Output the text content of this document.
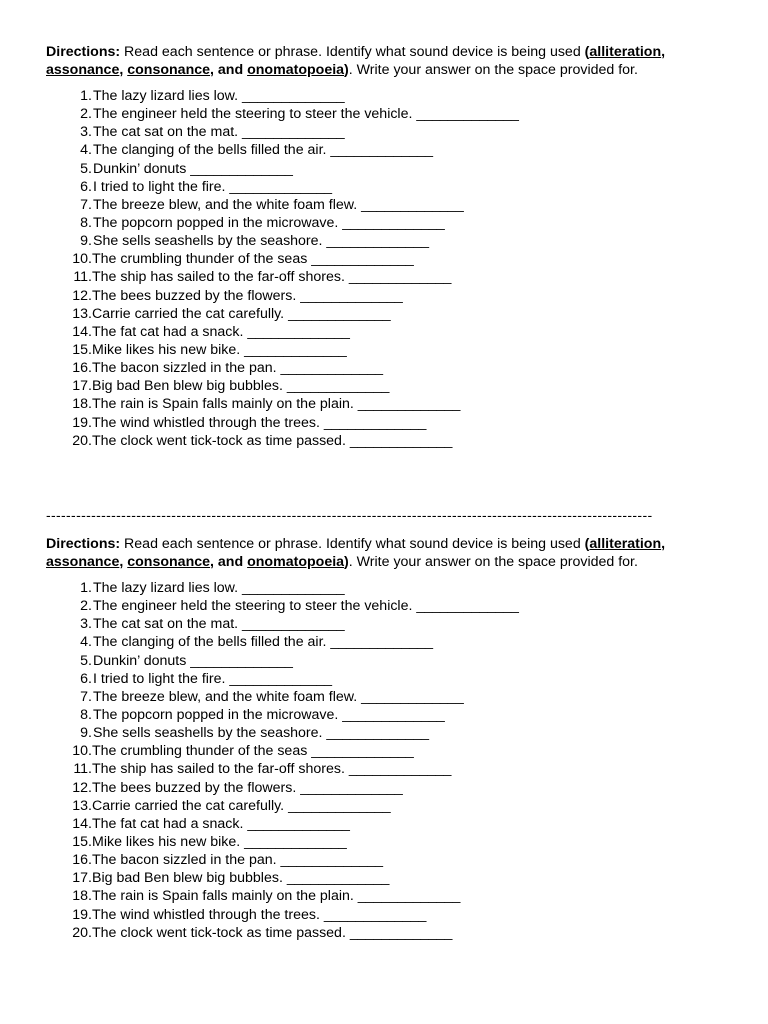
Directions: Read each sentence or phrase. Identify what sound device is being used (alliteration, assonance, consonance, and onomatopoeia). Write your answer on the space provided for.

1. The lazy lizard lies low. _____________
2. The engineer held the steering to steer the vehicle. _____________
3. The cat sat on the mat. _____________
4. The clanging of the bells filled the air. _____________
5. Dunkin’ donuts _____________
6. I tried to light the fire. _____________
7. The breeze blew, and the white foam flew. _____________
8. The popcorn popped in the microwave. _____________
9. She sells seashells by the seashore. _____________
10. The crumbling thunder of the seas _____________
11. The ship has sailed to the far-off shores. _____________
12. The bees buzzed by the flowers. _____________
13. Carrie carried the cat carefully. _____________
14. The fat cat had a snack. _____________
15. Mike likes his new bike. _____________
16. The bacon sizzled in the pan. _____________
17. Big bad Ben blew big bubbles. _____________
18. The rain is Spain falls mainly on the plain. _____________
19. The wind whistled through the trees. _____________
20. The clock went tick-tock as time passed. _____________
-------------------------------------------------------------------------------------------------------------------------

Directions: Read each sentence or phrase. Identify what sound device is being used (alliteration, assonance, consonance, and onomatopoeia). Write your answer on the space provided for.

1. The lazy lizard lies low. _____________
2. The engineer held the steering to steer the vehicle. _____________
3. The cat sat on the mat. _____________
4. The clanging of the bells filled the air. _____________
5. Dunkin’ donuts _____________
6. I tried to light the fire. _____________
7. The breeze blew, and the white foam flew. _____________
8. The popcorn popped in the microwave. _____________
9. She sells seashells by the seashore. _____________
10. The crumbling thunder of the seas _____________
11. The ship has sailed to the far-off shores. _____________
12. The bees buzzed by the flowers. _____________
13. Carrie carried the cat carefully. _____________
14. The fat cat had a snack. _____________
15. Mike likes his new bike. _____________
16. The bacon sizzled in the pan. _____________
17. Big bad Ben blew big bubbles. _____________
18. The rain is Spain falls mainly on the plain. _____________
19. The wind whistled through the trees. _____________
20. The clock went tick-tock as time passed. _____________
